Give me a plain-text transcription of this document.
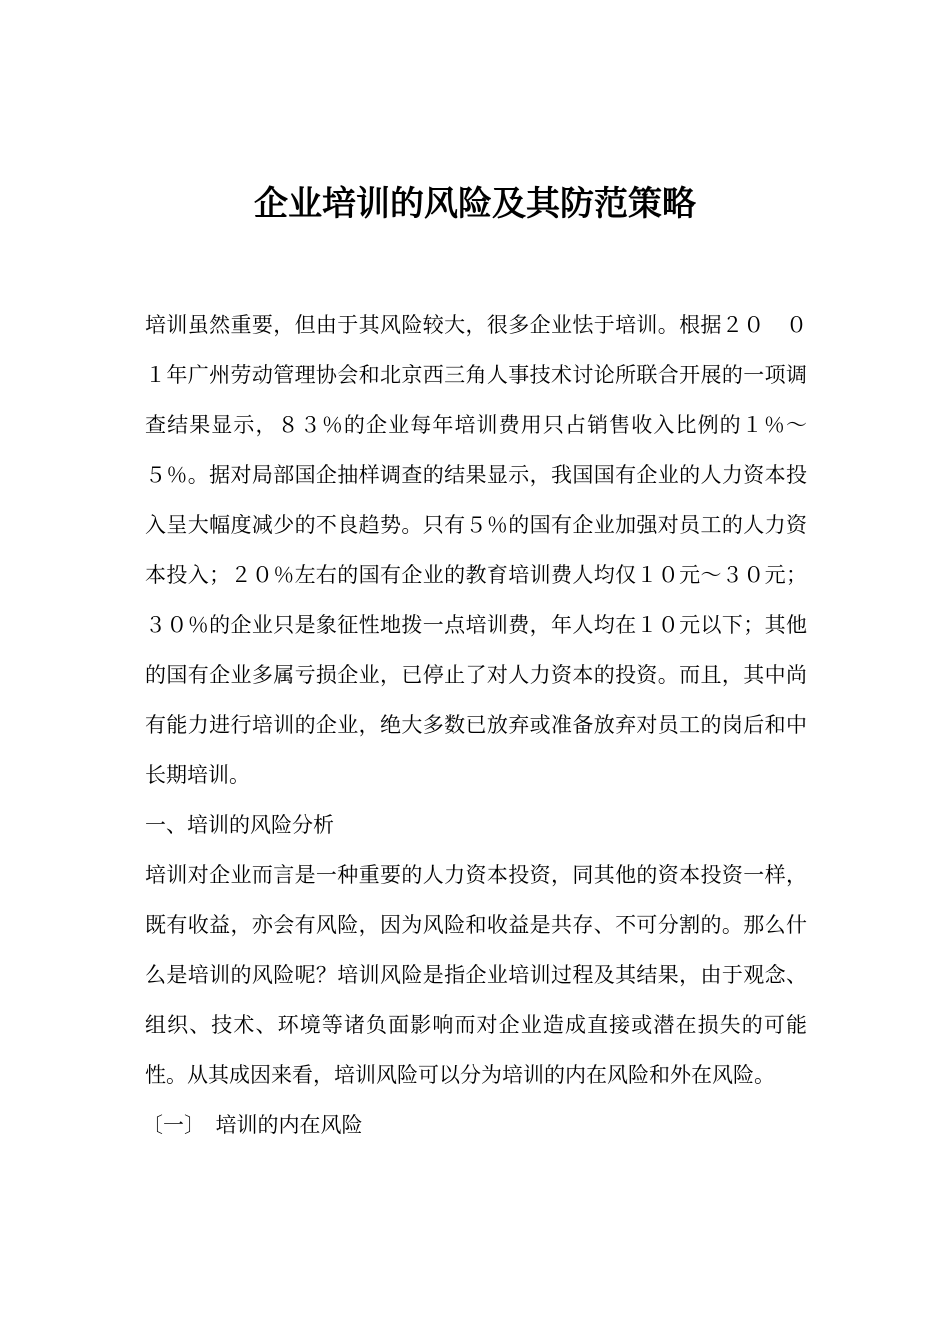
企业培训的风险及其防范策略

培训虽然重要，但由于其风险较大，很多企业怯于培训。根据２０　０１年广州劳动管理协会和北京西三角人事技术讨论所联合开展的一项调查结果显示，８３％的企业每年培训费用只占销售收入比例的１％～５％。据对局部国企抽样调查的结果显示，我国国有企业的人力资本投入呈大幅度减少的不良趋势。只有５％的国有企业加强对员工的人力资本投入；２０％左右的国有企业的教育培训费人均仅１０元～３０元；３０％的企业只是象征性地拨一点培训费，年人均在１０元以下；其他的国有企业多属亏损企业，已停止了对人力资本的投资。而且，其中尚有能力进行培训的企业，绝大多数已放弃或准备放弃对员工的岗后和中长期培训。

一、培训的风险分析

培训对企业而言是一种重要的人力资本投资，同其他的资本投资一样，既有收益，亦会有风险，因为风险和收益是共存、不可分割的。那么什么是培训的风险呢？培训风险是指企业培训过程及其结果，由于观念、组织、技术、环境等诸负面影响而对企业造成直接或潜在损失的可能性。从其成因来看，培训风险可以分为培训的内在风险和外在风险。

〔一〕　培训的内在风险
